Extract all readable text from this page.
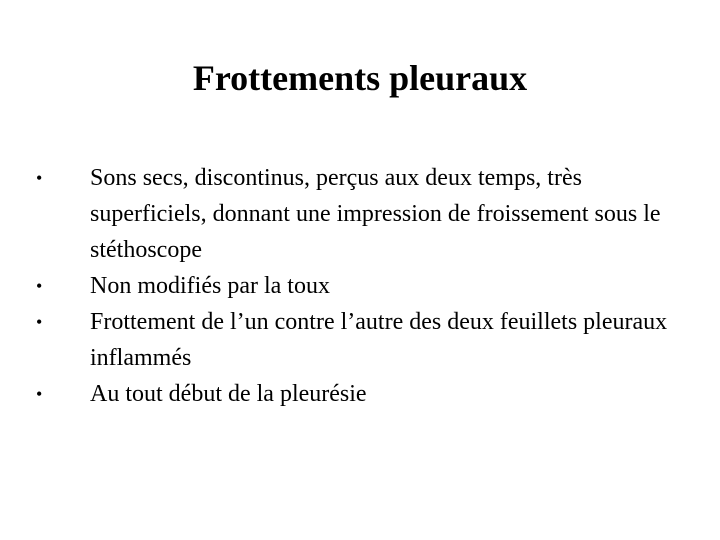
Frottements pleuraux
• Sons secs, discontinus, perçus aux deux temps, très superficiels, donnant une impression de froissement sous le stéthoscope
• Non modifiés par la toux
• Frottement de l’un contre l’autre des deux feuillets pleuraux inflammés
• Au tout début de la pleurésie
